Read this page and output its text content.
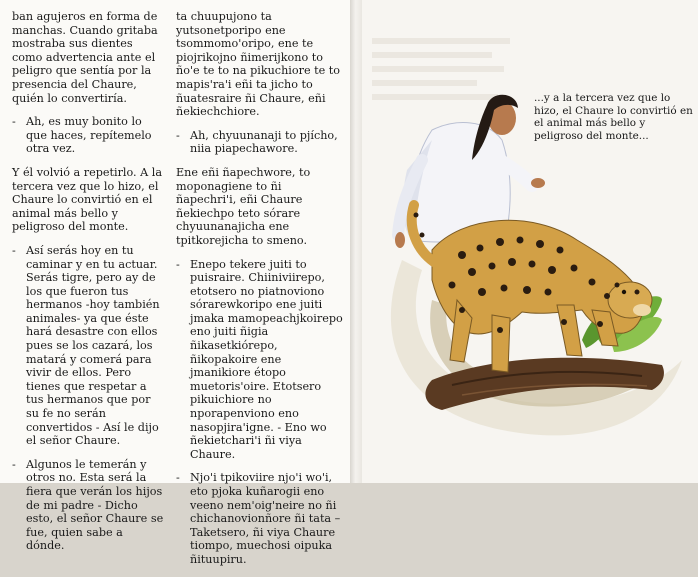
ban agujeros en forma de manchas. Cuando gritaba mostraba sus dientes como advertencia ante el peligro que sentía por la presencia del Chaure, quién lo convertiría.

- Ah, es muy bonito lo que haces, repítemelo otra vez.

Y él volvió a repetirlo. A la tercera vez que lo hizo, el Chaure lo convirtió en el animal más bello y peligroso del monte.

- Así serás hoy en tu caminar y en tu actuar. Serás tigre, pero ay de los que fueron tus hermanos -hoy también animales- ya que éste hará desastre con ellos pues se los cazará, los matará y comerá para vivir de ellos. Pero tienes que respetar a tus hermanos que por su fe no serán convertidos - Así le dijo el señor Chaure.
- Algunos le temerán y otros no. Esta será la fiera que verán los hijos de mi padre - Dicho esto, el señor Chaure se fue, quien sabe a dónde.

ta chuupujono ta yutsonetporipo ene tsommomo'oripo, ene te piojrikojno ñimerijkono to ño'e te to na pikuchiore te to mapis'ra'i eñi ta jicho to ñuatesraire ñi Chaure, eñi ñekiechchiore.

- Ah, chyuunanaji to pjícho, niia piapechawore.

Ene eñi ñapechwore, to moponagiene to ñi ñapechri'i, eñi Chaure ñekiechpo teto sórare chyuunanajicha ene tpitkorejicha to smeno.

- Enepo tekere juiti to puisraire. Chiiniviirepo, etotsero no piatnoviono sórarewkoripo ene juiti jmaka mamopeachjkoirepo eno juiti ñigia ñikasetkiórepo, ñikopakoire ene jmanikiore étopo muetoris'oire. Etotsero pikuichiore no nporapenviono eno nasopjira'igne. - Eno wo ñekietchari'i ñi viya Chaure.
- Njo'i tpikoviire njo'i wo'i, eto pjoka kuñarogii eno veeno nem'oig'neire no ñi chichanovionñore ñi tata – Taketsero, ñi viya Chaure tiompo, muechosi oipuka ñituupiru.
...y a la tercera vez que lo hizo, el Chaure lo convirtió en el animal más bello y peligroso del monte...
